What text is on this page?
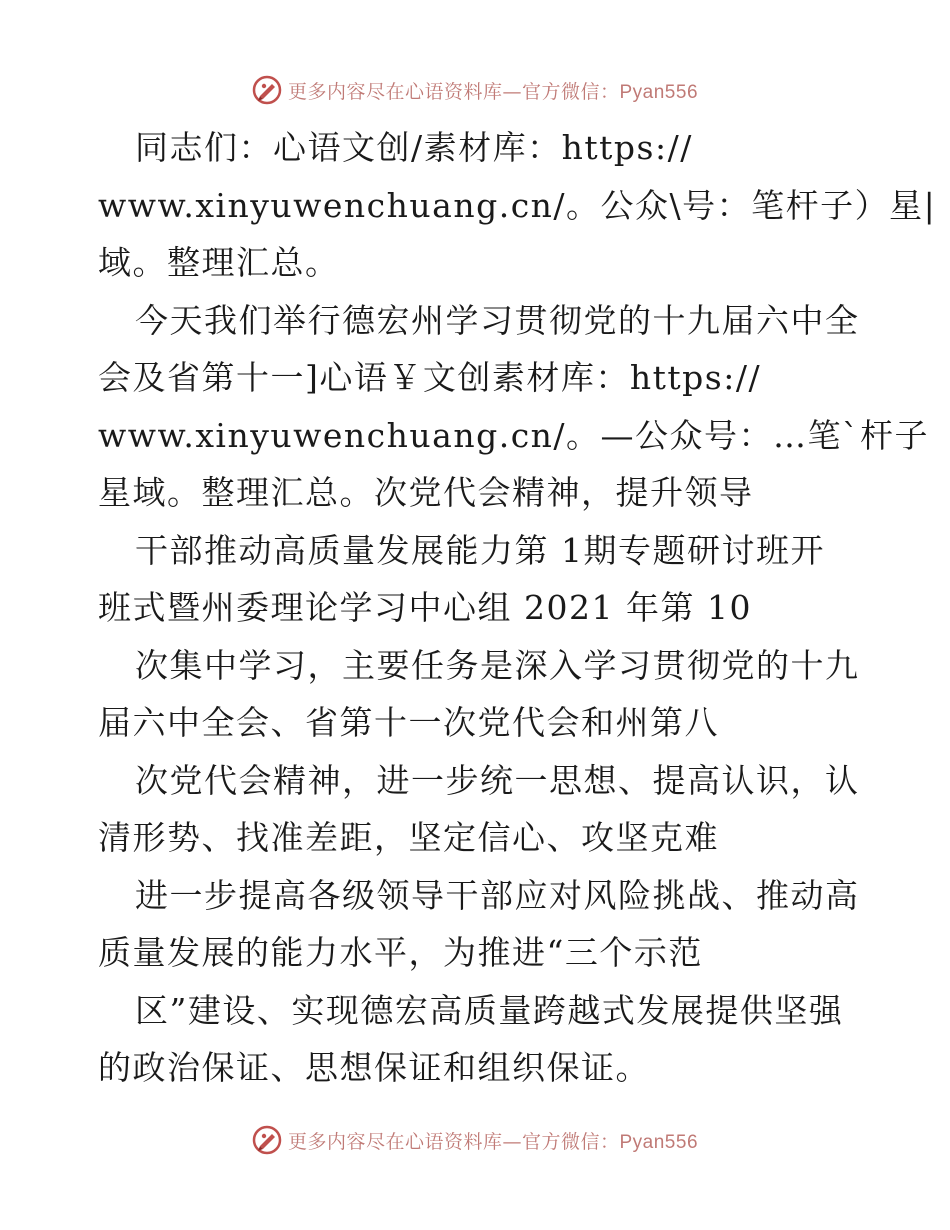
更多内容尽在心语资料库—官方微信：Pyan556
同志们：心语文创/素材库：https://
www.xinyuwenchuang.cn/。公众\号：笔杆子）星|
域。整理汇总。
今天我们举行德宏州学习贯彻党的十九届六中全
会及省第十一]心语￥文创素材库：https://
www.xinyuwenchuang.cn/。—公众号：…笔`杆子
星域。整理汇总。次党代会精神，提升领导
干部推动高质量发展能力第 1期专题研讨班开
班式暨州委理论学习中心组 2021 年第 10
次集中学习，主要任务是深入学习贯彻党的十九
届六中全会、省第十一次党代会和州第八
次党代会精神，进一步统一思想、提高认识，认
清形势、找准差距，坚定信心、攻坚克难
进一步提高各级领导干部应对风险挑战、推动高
质量发展的能力水平，为推进“三个示范
区”建设、实现德宏高质量跨越式发展提供坚强
的政治保证、思想保证和组织保证。
更多内容尽在心语资料库—官方微信：Pyan556
